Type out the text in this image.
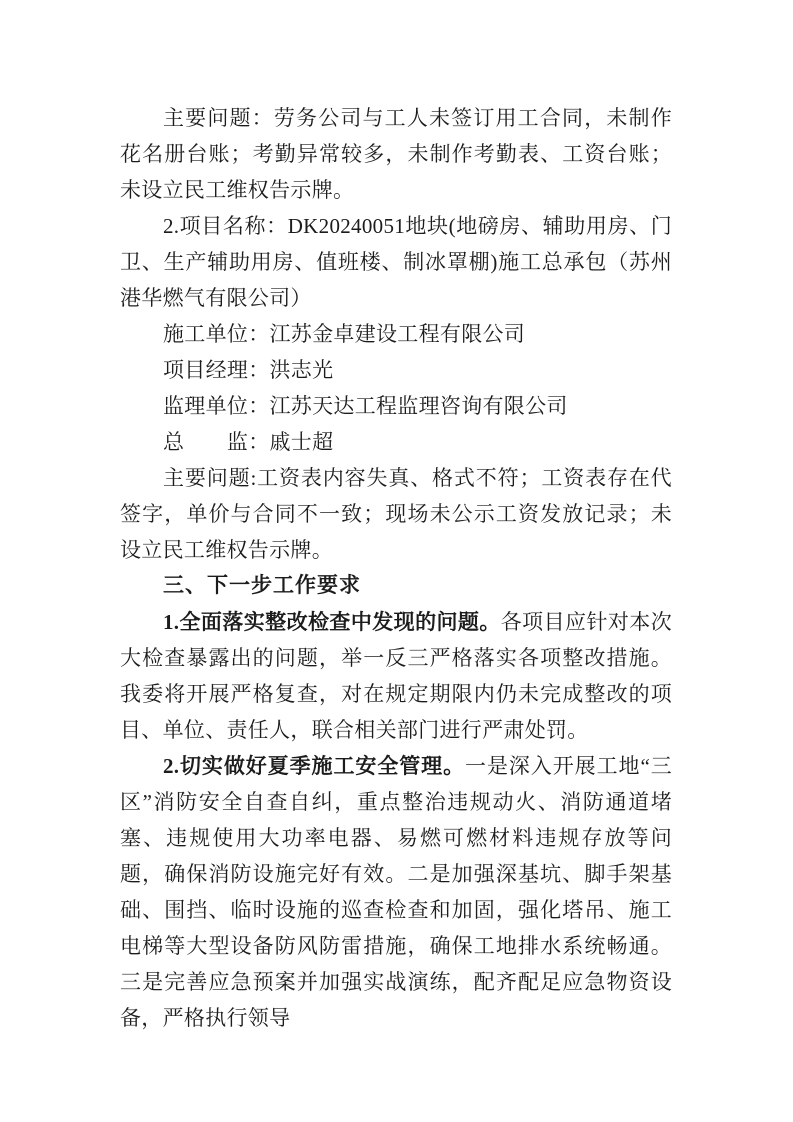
主要问题：劳务公司与工人未签订用工合同，未制作花名册台账；考勤异常较多，未制作考勤表、工资台账；未设立民工维权告示牌。

2.项目名称：DK20240051地块(地磅房、辅助用房、门卫、生产辅助用房、值班楼、制冰罩棚)施工总承包（苏州港华燃气有限公司）

施工单位：江苏金卓建设工程有限公司

项目经理：洪志光

监理单位：江苏天达工程监理咨询有限公司

总　　监：戚士超

主要问题:工资表内容失真、格式不符；工资表存在代签字，单价与合同不一致；现场未公示工资发放记录；未设立民工维权告示牌。

三、下一步工作要求

1.全面落实整改检查中发现的问题。各项目应针对本次大检查暴露出的问题，举一反三严格落实各项整改措施。我委将开展严格复查，对在规定期限内仍未完成整改的项目、单位、责任人，联合相关部门进行严肃处罚。

2.切实做好夏季施工安全管理。一是深入开展工地“三区”消防安全自查自纠，重点整治违规动火、消防通道堵塞、违规使用大功率电器、易燃可燃材料违规存放等问题，确保消防设施完好有效。二是加强深基坑、脚手架基础、围挡、临时设施的巡查检查和加固，强化塔吊、施工电梯等大型设备防风防雷措施，确保工地排水系统畅通。三是完善应急预案并加强实战演练，配齐配足应急物资设备，严格执行领导
